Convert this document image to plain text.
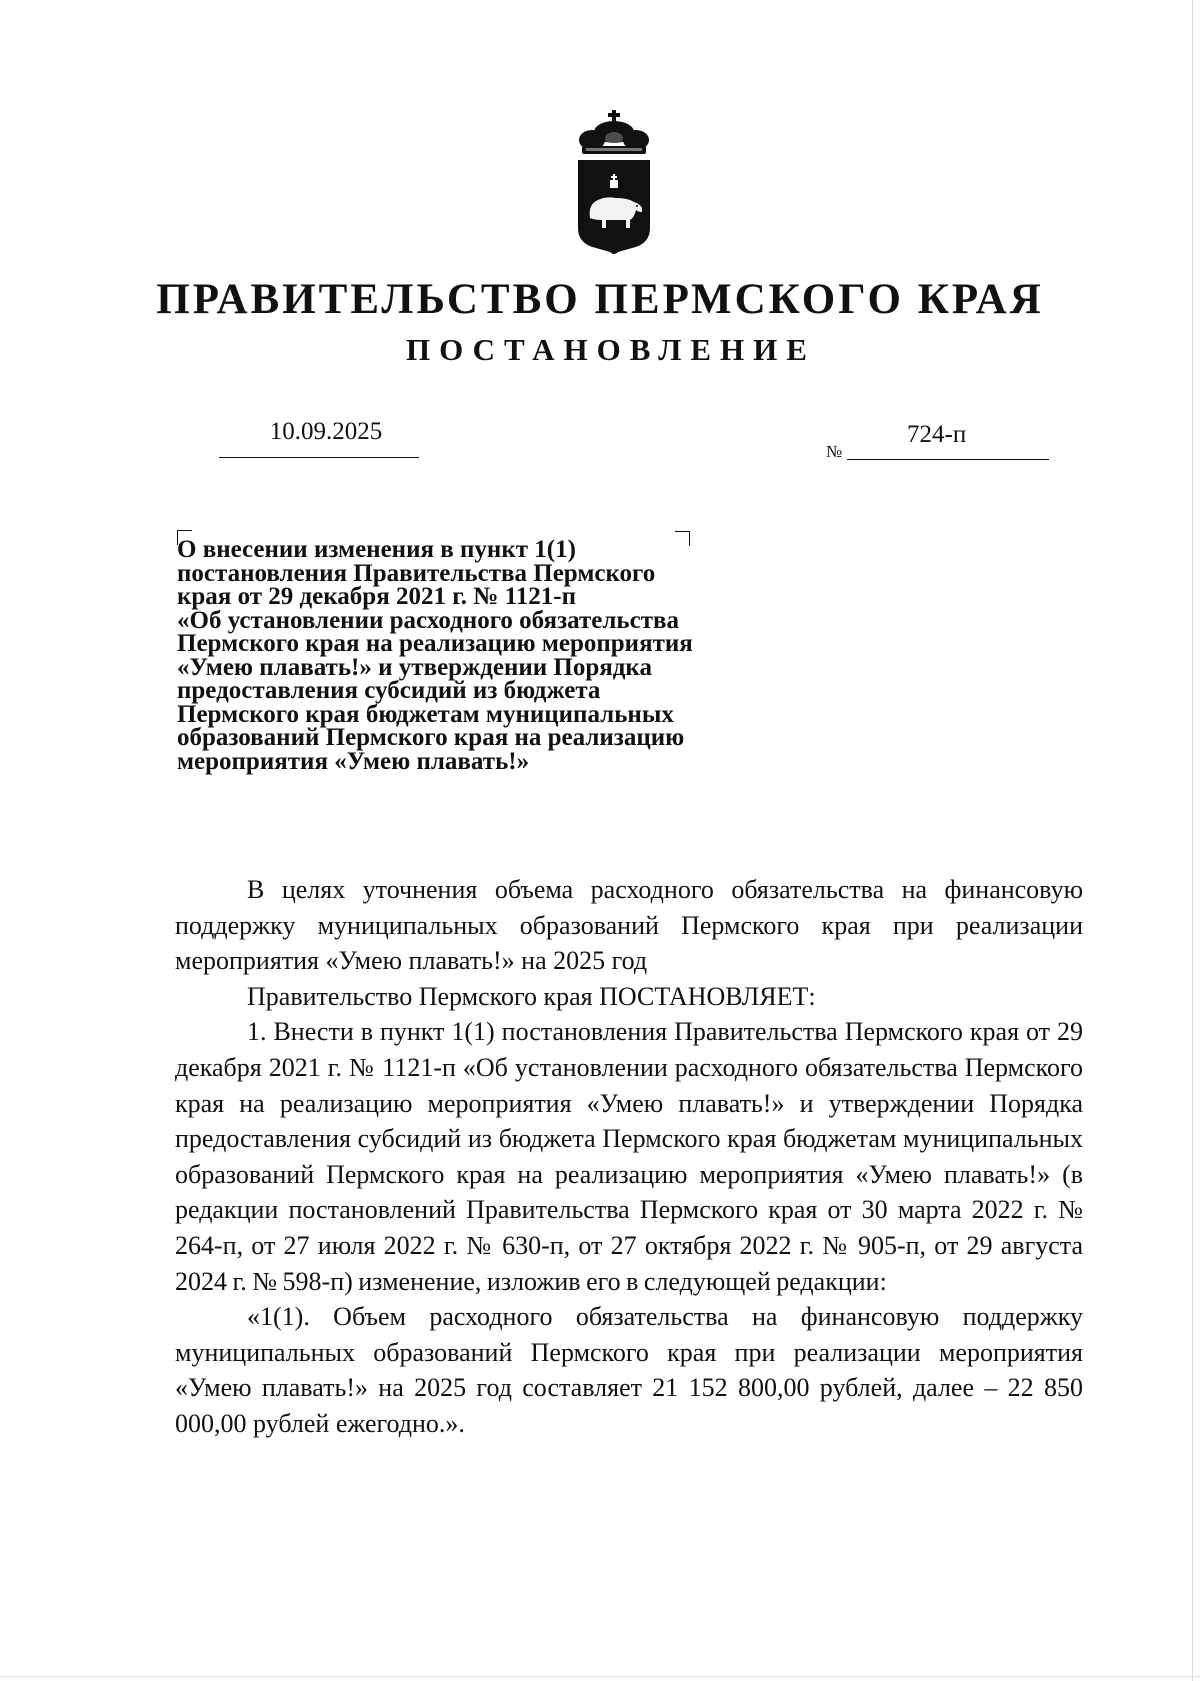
ПРАВИТЕЛЬСТВО ПЕРМСКОГО КРАЯ
ПОСТАНОВЛЕНИЕ
10.09.2025
№
724-п
О внесении изменения в пункт 1(1)
постановления Правительства Пермского
края от 29 декабря 2021 г. № 1121-п
«Об установлении расходного обязательства
Пермского края на реализацию мероприятия
«Умею плавать!» и утверждении Порядка
предоставления субсидий из бюджета
Пермского края бюджетам муниципальных
образований Пермского края на реализацию
мероприятия «Умею плавать!»

В целях уточнения объема расходного обязательства на финансовую поддержку муниципальных образований Пермского края при реализации мероприятия «Умею плавать!» на 2025 год

Правительство Пермского края ПОСТАНОВЛЯЕТ:

1. Внести в пункт 1(1) постановления Правительства Пермского края от 29 декабря 2021 г. № 1121-п «Об установлении расходного обязательства Пермского края на реализацию мероприятия «Умею плавать!» и утверждении Порядка предоставления субсидий из бюджета Пермского края бюджетам муниципальных образований Пермского края на реализацию мероприятия «Умею плавать!» (в редакции постановлений Правительства Пермского края от 30 марта 2022 г. № 264-п, от 27 июля 2022 г. № 630-п, от 27 октября 2022 г. № 905-п, от 29 августа 2024 г. № 598-п) изменение, изложив его в следующей редакции:

«1(1). Объем расходного обязательства на финансовую поддержку муниципальных образований Пермского края при реализации мероприятия «Умею плавать!» на 2025 год составляет 21 152 800,00 рублей, далее – 22 850 000,00 рублей ежегодно.».
